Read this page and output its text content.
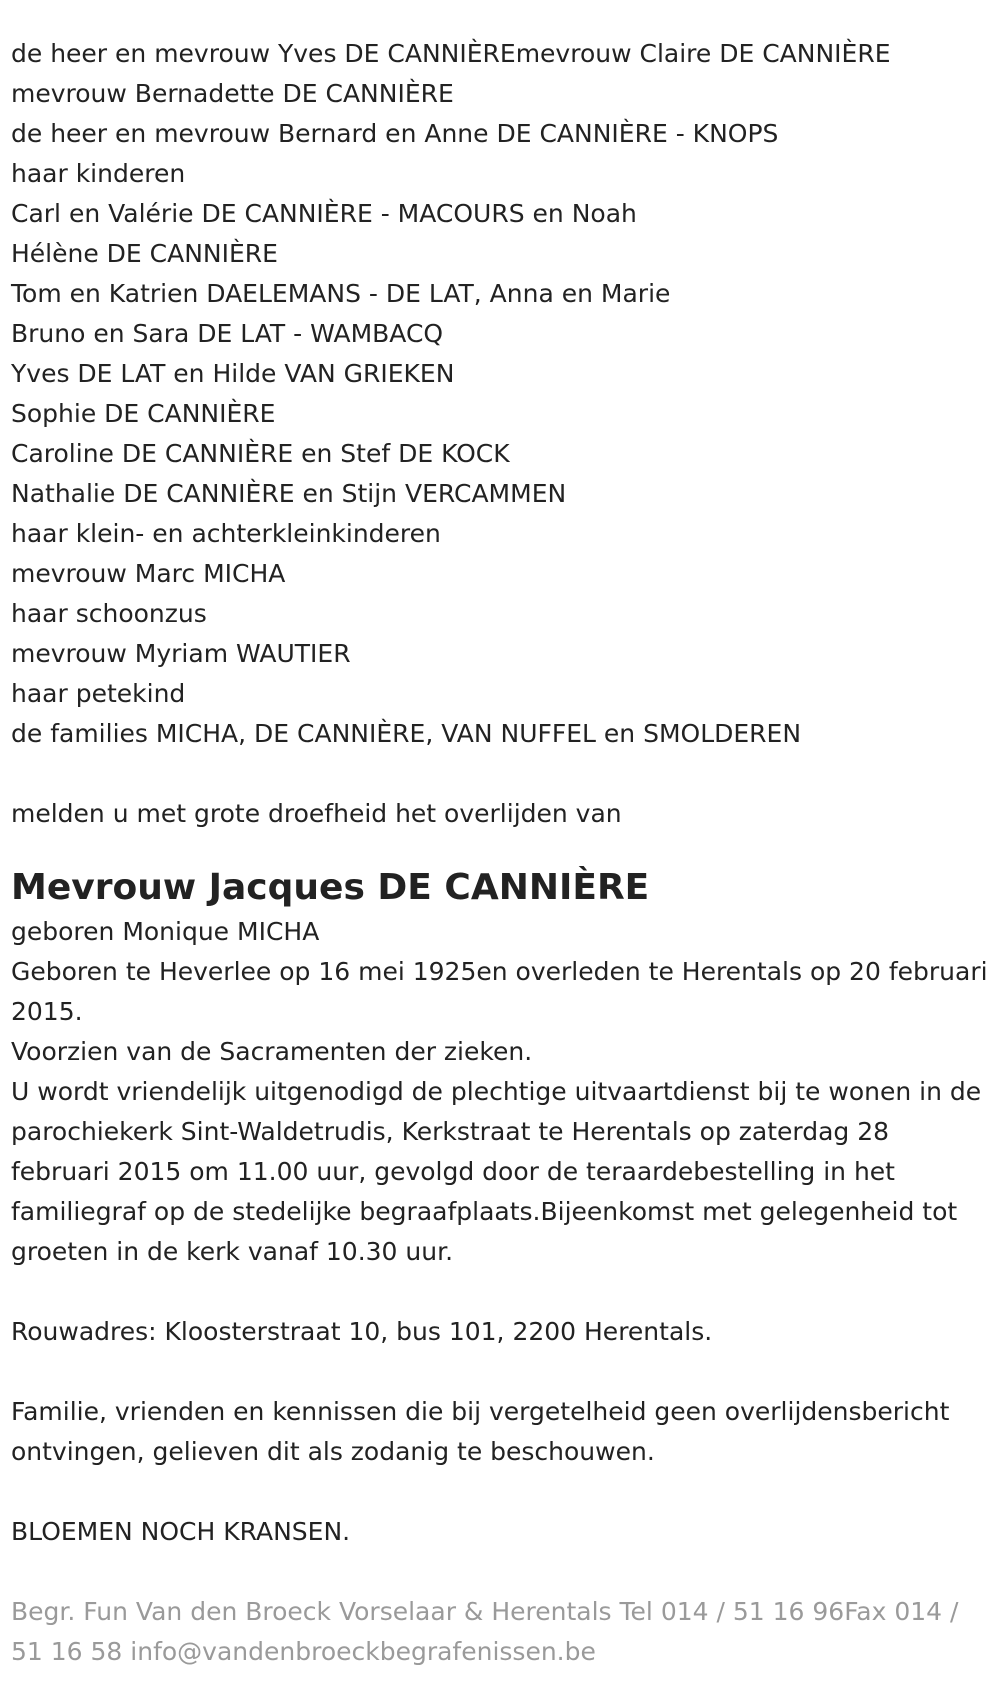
de heer en mevrouw Yves DE CANNIÈREmevrouw Claire DE CANNIÈRE
mevrouw Bernadette DE CANNIÈRE
de heer en mevrouw Bernard en Anne DE CANNIÈRE - KNOPS
haar kinderen
Carl en Valérie DE CANNIÈRE - MACOURS en Noah
Hélène DE CANNIÈRE
Tom en Katrien DAELEMANS - DE LAT, Anna en Marie
Bruno en Sara DE LAT - WAMBACQ
Yves DE LAT en Hilde VAN GRIEKEN
Sophie DE CANNIÈRE
Caroline DE CANNIÈRE en Stef DE KOCK
Nathalie DE CANNIÈRE en Stijn VERCAMMEN
haar klein- en achterkleinkinderen
mevrouw Marc MICHA
haar schoonzus
mevrouw Myriam WAUTIER
haar petekind
de families MICHA, DE CANNIÈRE, VAN NUFFEL en SMOLDEREN
melden u met grote droefheid het overlijden van
Mevrouw Jacques DE CANNIÈRE
geboren Monique MICHA
Geboren te Heverlee op 16 mei 1925en overleden te Herentals op 20 februari 2015.
Voorzien van de Sacramenten der zieken.
U wordt vriendelijk uitgenodigd de plechtige uitvaartdienst bij te wonen in de parochiekerk Sint-Waldetrudis, Kerkstraat te Herentals op zaterdag 28 februari 2015 om 11.00 uur, gevolgd door de teraardebestelling in het familiegraf op de stedelijke begraafplaats.Bijeenkomst met gelegenheid tot groeten in de kerk vanaf 10.30 uur.
Rouwadres: Kloosterstraat 10, bus 101, 2200 Herentals.
Familie, vrienden en kennissen die bij vergetelheid geen overlijdensbericht ontvingen, gelieven dit als zodanig te beschouwen.
BLOEMEN NOCH KRANSEN.
Begr. Fun Van den Broeck Vorselaar & Herentals Tel 014 / 51 16 96Fax 014 / 51 16 58 info@vandenbroeckbegrafenissen.be
